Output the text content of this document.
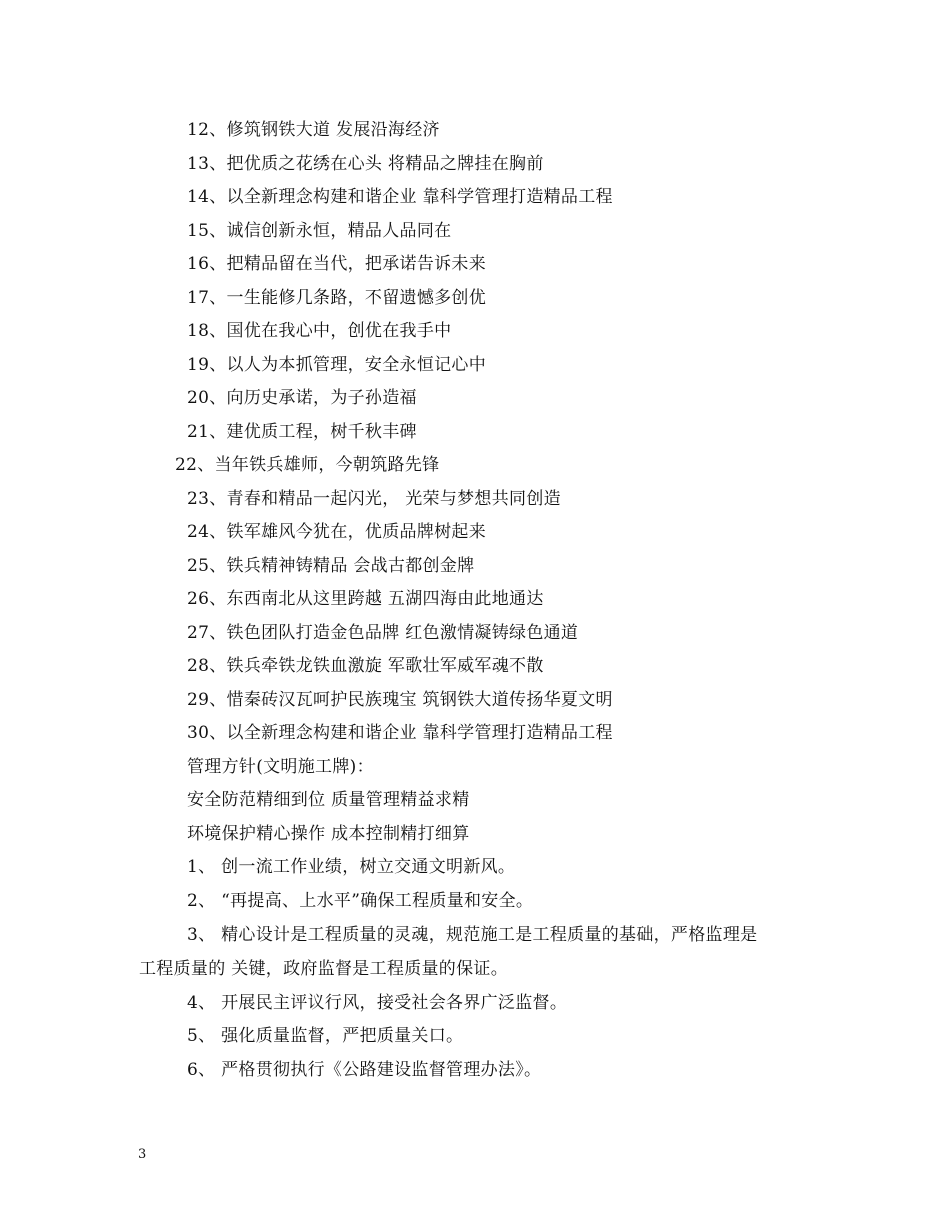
12、修筑钢铁大道 发展沿海经济
13、把优质之花绣在心头 将精品之牌挂在胸前
14、以全新理念构建和谐企业 靠科学管理打造精品工程
15、诚信创新永恒，精品人品同在
16、把精品留在当代，把承诺告诉未来
17、一生能修几条路，不留遗憾多创优
18、国优在我心中，创优在我手中
19、以人为本抓管理，安全永恒记心中
20、向历史承诺，为子孙造福
21、建优质工程，树千秋丰碑
22、当年铁兵雄师，今朝筑路先锋
23、青春和精品一起闪光， 光荣与梦想共同创造
24、铁军雄风今犹在，优质品牌树起来
25、铁兵精神铸精品 会战古都创金牌
26、东西南北从这里跨越 五湖四海由此地通达
27、铁色团队打造金色品牌 红色激情凝铸绿色通道
28、铁兵牵铁龙铁血激旋 军歌壮军威军魂不散
29、惜秦砖汉瓦呵护民族瑰宝 筑钢铁大道传扬华夏文明
30、以全新理念构建和谐企业 靠科学管理打造精品工程
管理方针(文明施工牌)：
安全防范精细到位 质量管理精益求精
环境保护精心操作 成本控制精打细算
1、 创一流工作业绩，树立交通文明新风。
2、 “再提高、上水平”确保工程质量和安全。
3、 精心设计是工程质量的灵魂，规范施工是工程质量的基础，严格监理是
工程质量的 关键，政府监督是工程质量的保证。
4、 开展民主评议行风，接受社会各界广泛监督。
5、 强化质量监督，严把质量关口。
6、 严格贯彻执行《公路建设监督管理办法》。
3
